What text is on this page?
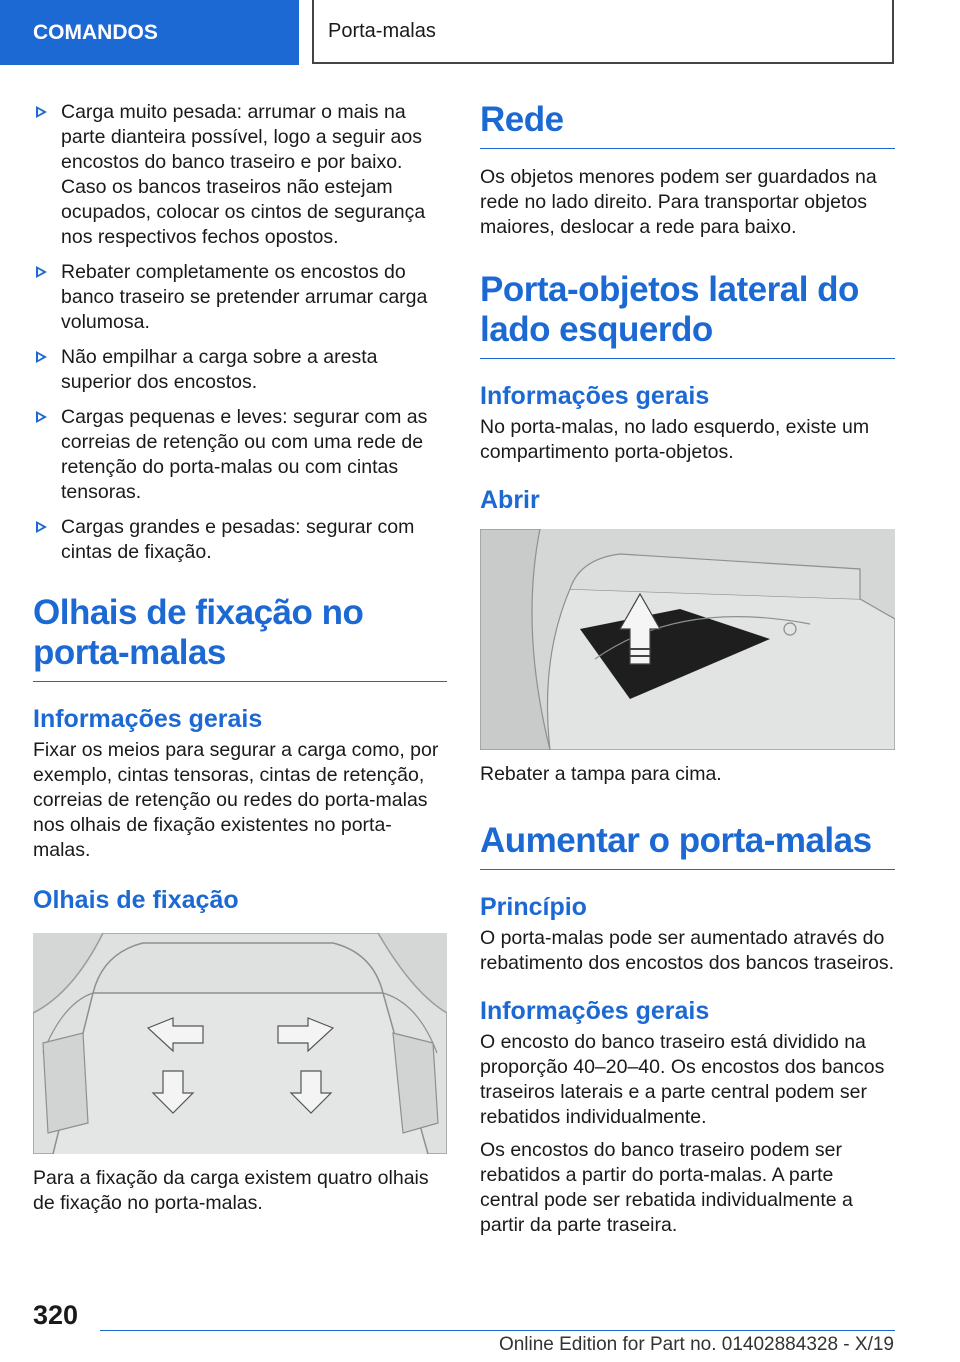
COMANDOS	Porta-malas
Carga muito pesada: arrumar o mais na parte dianteira possível, logo a seguir aos encostos do banco traseiro e por baixo. Caso os bancos traseiros não estejam ocupados, colocar os cintos de segurança nos respectivos fechos opostos.
Rebater completamente os encostos do banco traseiro se pretender arrumar carga volumosa.
Não empilhar a carga sobre a aresta superior dos encostos.
Cargas pequenas e leves: segurar com as correias de retenção ou com uma rede de retenção do porta-malas ou com cintas tensoras.
Cargas grandes e pesadas: segurar com cintas de fixação.
Olhais de fixação no porta-malas
Informações gerais

Fixar os meios para segurar a carga como, por exemplo, cintas tensoras, cintas de retenção, correias de retenção ou redes do porta-malas nos olhais de fixação existentes no porta-malas.

Olhais de fixação

Para a fixação da carga existem quatro olhais de fixação no porta-malas.

Rede

Os objetos menores podem ser guardados na rede no lado direito. Para transportar objetos maiores, deslocar a rede para baixo.

Porta-objetos lateral do lado esquerdo
Informações gerais

No porta-malas, no lado esquerdo, existe um compartimento porta-objetos.

Abrir

Rebater a tampa para cima.

Aumentar o porta-malas
Princípio

O porta-malas pode ser aumentado através do rebatimento dos encostos dos bancos traseiros.

Informações gerais

O encosto do banco traseiro está dividido na proporção 40–20–40. Os encostos dos bancos traseiros laterais e a parte central podem ser rebatidos individualmente.

Os encostos do banco traseiro podem ser rebatidos a partir do porta-malas. A parte central pode ser rebatida individualmente a partir da parte traseira.

320
Online Edition for Part no. 01402884328 - X/19
